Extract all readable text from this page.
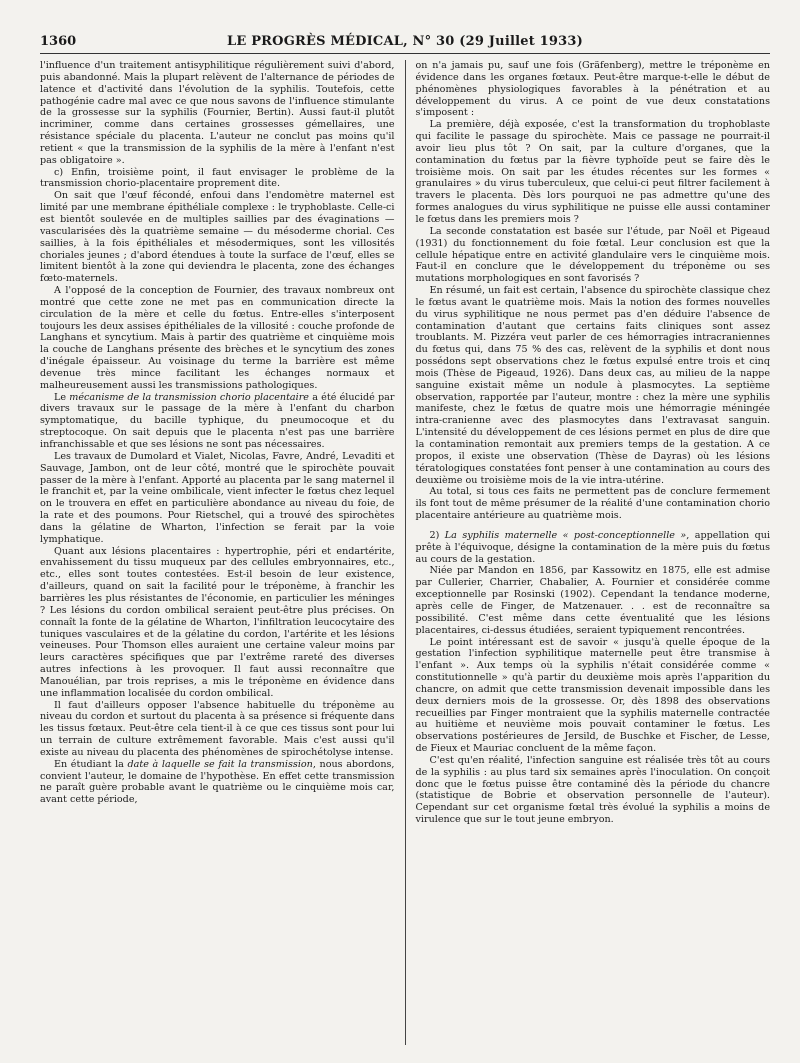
1360	LE PROGRÈS MÉDICAL, N° 30 (29 Juillet 1933)

l'influence d'un traitement antisyphilitique régulièrement suivi d'abord, puis abandonné. Mais la plupart relèvent de l'alternance de périodes de latence et d'activité dans l'évolution de la syphilis. Toutefois, cette pathogénie cadre mal avec ce que nous savons de l'influence stimulante de la grossesse sur la syphilis (Fournier, Bertin). Aussi faut-il plutôt incriminer, comme dans certaines grossesses gémellaires, une résistance spéciale du placenta. L'auteur ne conclut pas moins qu'il retient « que la transmission de la syphilis de la mère à l'enfant n'est pas obligatoire ».

c) Enfin, troisième point, il faut envisager le problème de la transmission chorio-placentaire proprement dite.

On sait que l'œuf fécondé, enfoui dans l'endomètre maternel est limité par une membrane épithéliale complexe : le tryphoblaste. Celle-ci est bientôt soulevée en de multiples saillies par des évaginations — vascularisées dès la quatrième semaine — du mésoderme chorial. Ces saillies, à la fois épithéliales et mésodermiques, sont les villosités choriales jeunes ; d'abord étendues à toute la surface de l'œuf, elles se limitent bientôt à la zone qui deviendra le placenta, zone des échanges fœto-maternels.

A l'opposé de la conception de Fournier, des travaux nombreux ont montré que cette zone ne met pas en communication directe la circulation de la mère et celle du fœtus. Entre-elles s'interposent toujours les deux assises épithéliales de la villosité : couche profonde de Langhans et syncytium. Mais à partir des quatrième et cinquième mois la couche de Langhans présente des brèches et le syncytium des zones d'inégale épaisseur. Au voisinage du terme la barrière est même devenue très mince facilitant les échanges normaux et malheureusement aussi les transmissions pathologiques.

Le mécanisme de la transmission chorio placentaire a été élucidé par divers travaux sur le passage de la mère à l'enfant du charbon symptomatique, du bacille typhique, du pneumocoque et du streptocoque. On sait depuis que le placenta n'est pas une barrière infranchissable et que ses lésions ne sont pas nécessaires.

Les travaux de Dumolard et Vialet, Nicolas, Favre, André, Levaditi et Sauvage, Jambon, ont de leur côté, montré que le spirochète pouvait passer de la mère à l'enfant. Apporté au placenta par le sang maternel il le franchit et, par la veine ombilicale, vient infecter le fœtus chez lequel on le trouvera en effet en particulière abondance au niveau du foie, de la rate et des poumons. Pour Rietschel, qui a trouvé des spirochètes dans la gélatine de Wharton, l'infection se ferait par la voie lymphatique.

Quant aux lésions placentaires : hypertrophie, péri et endartérite, envahissement du tissu muqueux par des cellules embryonnaires, etc., etc., elles sont toutes contestées. Est-il besoin de leur existence, d'ailleurs, quand on sait la facilité pour le tréponème, à franchir les barrières les plus résistantes de l'économie, en particulier les méninges ? Les lésions du cordon ombilical seraient peut-être plus précises. On connaît la fonte de la gélatine de Wharton, l'infiltration leucocytaire des tuniques vasculaires et de la gélatine du cordon, l'artérite et les lésions veineuses. Pour Thomson elles auraient une certaine valeur moins par leurs caractères spécifiques que par l'extrême rareté des diverses autres infections à les provoquer. Il faut aussi reconnaître que Manouélian, par trois reprises, a mis le tréponème en évidence dans une inflammation localisée du cordon ombilical.

Il faut d'ailleurs opposer l'absence habituelle du tréponème au niveau du cordon et surtout du placenta à sa présence si fréquente dans les tissus fœtaux. Peut-être cela tient-il à ce que ces tissus sont pour lui un terrain de culture extrêmement favorable. Mais c'est aussi qu'il existe au niveau du placenta des phénomènes de spirochétolyse intense.

En étudiant la date à laquelle se fait la transmission, nous abordons, convient l'auteur, le domaine de l'hypothèse. En effet cette transmission ne paraît guère probable avant le quatrième ou le cinquième mois car, avant cette période,

on n'a jamais pu, sauf une fois (Gräfenberg), mettre le tréponème en évidence dans les organes fœtaux. Peut-être marque-t-elle le début de phénomènes physiologiques favorables à la pénétration et au développement du virus. A ce point de vue deux constatations s'imposent :

La première, déjà exposée, c'est la transformation du trophoblaste qui facilite le passage du spirochète. Mais ce passage ne pourrait-il avoir lieu plus tôt ? On sait, par la culture d'organes, que la contamination du fœtus par la fièvre typhoïde peut se faire dès le troisième mois. On sait par les études récentes sur les formes « granulaires » du virus tuberculeux, que celui-ci peut filtrer facilement à travers le placenta. Dès lors pourquoi ne pas admettre qu'une des formes analogues du virus syphilitique ne puisse elle aussi contaminer le fœtus dans les premiers mois ?

La seconde constatation est basée sur l'étude, par Noël et Pigeaud (1931) du fonctionnement du foie fœtal. Leur conclusion est que la cellule hépatique entre en activité glandulaire vers le cinquième mois. Faut-il en conclure que le développement du tréponème ou ses mutations morphologiques en sont favorisés ?

En résumé, un fait est certain, l'absence du spirochète classique chez le fœtus avant le quatrième mois. Mais la notion des formes nouvelles du virus syphilitique ne nous permet pas d'en déduire l'absence de contamination d'autant que certains faits cliniques sont assez troublants. M. Pizzéra veut parler de ces hémorragies intracraniennes du fœtus qui, dans 75 % des cas, relèvent de la syphilis et dont nous possédons sept observations chez le fœtus expulsé entre trois et cinq mois (Thèse de Pigeaud, 1926). Dans deux cas, au milieu de la nappe sanguine existait même un nodule à plasmocytes. La septième observation, rapportée par l'auteur, montre : chez la mère une syphilis manifeste, chez le fœtus de quatre mois une hémorragie méningée intra-cranienne avec des plasmocytes dans l'extravasat sanguin. L'intensité du développement de ces lésions permet en plus de dire que la contamination remontait aux premiers temps de la gestation. A ce propos, il existe une observation (Thèse de Dayras) où les lésions tératologiques constatées font penser à une contamination au cours des deuxième ou troisième mois de la vie intra-utérine.

Au total, si tous ces faits ne permettent pas de conclure fermement ils font tout de même présumer de la réalité d'une contamination chorio placentaire antérieure au quatrième mois.

2) La syphilis maternelle « post-conceptionnelle », appellation qui prête à l'équivoque, désigne la contamination de la mère puis du fœtus au cours de la gestation.

Niée par Mandon en 1856, par Kassowitz en 1875, elle est admise par Cullerier, Charrier, Chabalier, A. Fournier et considérée comme exceptionnelle par Rosinski (1902). Cependant la tendance moderne, après celle de Finger, de Matzenauer. . . est de reconnaître sa possibilité. C'est même dans cette éventualité que les lésions placentaires, ci-dessus étudiées, seraient typiquement rencontrées.

Le point intéressant est de savoir « jusqu'à quelle époque de la gestation l'infection syphilitique maternelle peut être transmise à l'enfant ». Aux temps où la syphilis n'était considérée comme « constitutionnelle » qu'à partir du deuxième mois après l'apparition du chancre, on admit que cette transmission devenait impossible dans les deux derniers mois de la grossesse. Or, dès 1898 des observations recueillies par Finger montraient que la syphilis maternelle contractée au huitième et neuvième mois pouvait contaminer le fœtus. Les observations postérieures de Jersild, de Buschke et Fischer, de Lesse, de Fieux et Mauriac concluent de la même façon.

C'est qu'en réalité, l'infection sanguine est réalisée très tôt au cours de la syphilis : au plus tard six semaines après l'inoculation. On conçoit donc que le fœtus puisse être contaminé dès la période du chancre (statistique de Bobrie et observation personnelle de l'auteur). Cependant sur cet organisme fœtal très évolué la syphilis a moins de virulence que sur le tout jeune embryon.
